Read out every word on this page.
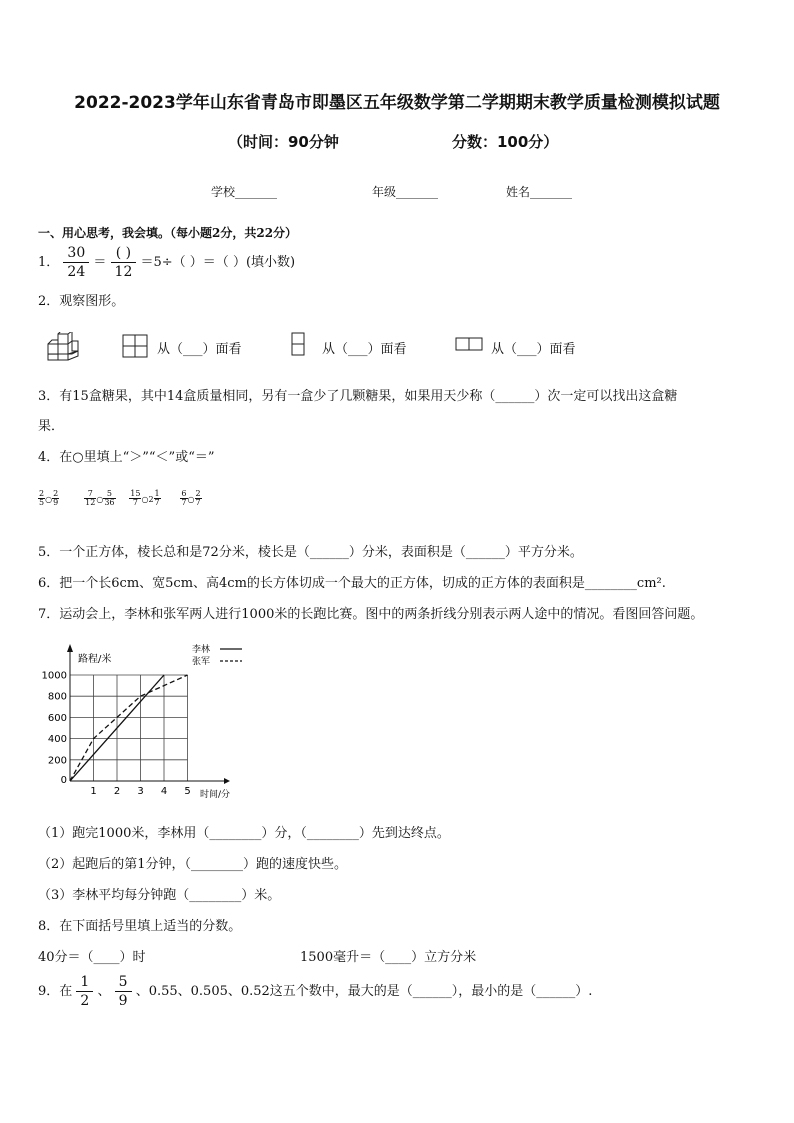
2022-2023学年山东省青岛市即墨区五年级数学第二学期期末教学质量检测模拟试题
（时间：90分钟	分数：100分）
学校_______	年级_______	姓名_______
一、用心思考，我会填。（每小题2分，共22分）
1． $\frac{30}{24} = \frac{( )}{12} =5\div$（ ）＝（ ）(填小数)
2．观察图形。
从（___）面看	从（___）面看	从（___）面看
3．有15盒糖果，其中14盒质量相同，另有一盒少了几颗糖果，如果用天少称（______）次一定可以找出这盒糖
果．
4．在○里填上“＞”“＜”或“＝”
$\frac{2}{5}$ ○ $\frac{2}{9}$
	$\frac{7}{12}$ ○ $\frac{5}{36}$
$\frac{15}{7}$ ○2 $\frac{1}{7}$
$\frac{6}{7}$ ○ $\frac{2}{7}$
5．一个正方体，棱长总和是72分米，棱长是（______）分米，表面积是（______）平方分米。
6．把一个长6cm、宽5cm、高4cm的长方体切成一个最大的正方体，切成的正方体的表面积是________cm².
7．运动会上，李林和张军两人进行1000米的长跑比赛。图中的两条折线分别表示两人途中的情况。看图回答问题。
1 2 3 4 5
200
400
600
800
1000
0
路程/米
时间/分
李林
张军
（1）跑完1000米，李林用（________）分，（________）先到达终点。
（2）起跑后的第1分钟，（________）跑的速度快些。
（3）李林平均每分钟跑（________）米。
8．在下面括号里填上适当的分数。
40分＝（____）时	1500毫升＝（____）立方分米
9．在 $\frac{1}{2}$ 、 $\frac{5}{9}$ 、0.55、0.505、0.52这五个数中，最大的是（______），最小的是（______）.
